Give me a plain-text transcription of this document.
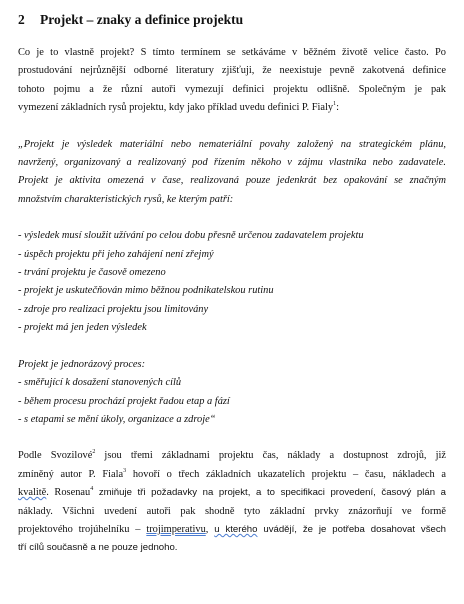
2 Projekt – znaky a definice projektu

Co je to vlastně projekt? S tímto termínem se setkáváme v běžném životě velice často. Po
prostudování nejrůznější odborné literatury zjišťuji, že neexistuje pevně zakotvená definice
tohoto pojmu a že různí autoři vymezují definici projektu odlišně. Společným je pak
vymezení základních rysů projektu, kdy jako příklad uvedu definici P. Fialy$^1$:

„Projekt je výsledek materiální nebo nemateriální povahy založený na strategickém plánu,
navržený, organizovaný a realizovaný pod řízením někoho v zájmu vlastníka nebo zadavatele.
Projekt je aktivita omezená v čase, realizovaná pouze jedenkrát bez opakování se značným
množstvím charakteristických rysů, ke kterým patří:

- výsledek musí sloužit užívání po celou dobu přesně určenou zadavatelem projektu
- úspěch projektu při jeho zahájení není zřejmý
- trvání projektu je časově omezeno
- projekt je uskutečňován mimo běžnou podnikatelskou rutinu
- zdroje pro realizaci projektu jsou limitovány
- projekt má jen jeden výsledek

Projekt je jednorázový proces:
- směřující k dosažení stanovených cílů
- během procesu prochází projekt řadou etap a fází
- s etapami se mění úkoly, organizace a zdroje“

Podle Svozilové$^2$ jsou třemi základnami projektu čas, náklady a dostupnost zdrojů, již
zmíněný autor P. Fiala$^3$ hovoří o třech základních ukazatelích projektu – času, nákladech a
kvalitě. Rosenau$^4$ zmiňuje tři požadavky na projekt, a to specifikaci provedení, časový plán a
náklady. Všichni uvedení autoři pak shodně tyto základní prvky znázorňují ve formě
projektového trojúhelníku – trojimperativu, u kterého uvádějí, že je potřeba dosahovat všech
tří cílů současně a ne pouze jednoho.
